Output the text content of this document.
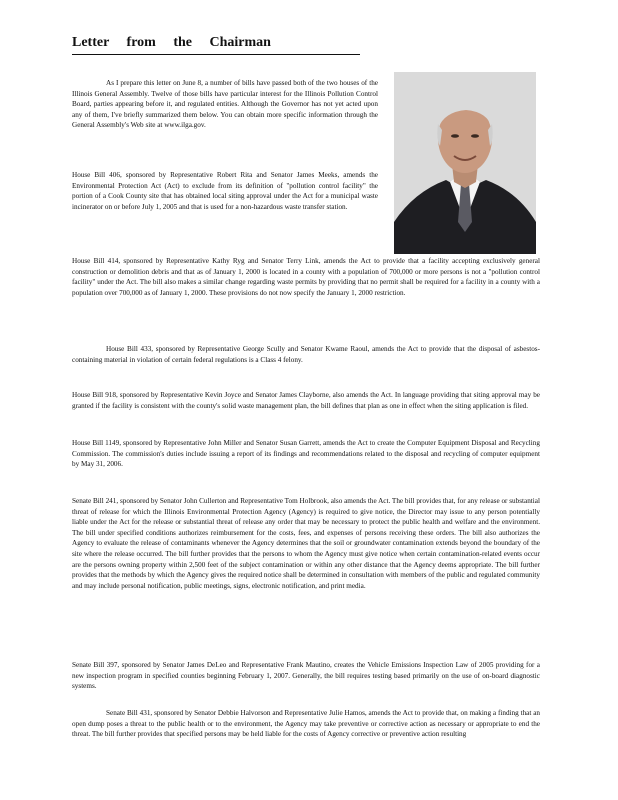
Letter from the Chairman

As I prepare this letter on June 8, a number of bills have passed both of the two houses of the Illinois General Assembly. Twelve of those bills have particular interest for the Illinois Pollution Control Board, parties appearing before it, and regulated entities. Although the Governor has not yet acted upon any of them, I've briefly summarized them below. You can obtain more specific information through the General Assembly's Web site at www.ilga.gov.

House Bill 406, sponsored by Representative Robert Rita and Senator James Meeks, amends the Environmental Protection Act (Act) to exclude from its definition of "pollution control facility" the portion of a Cook County site that has obtained local siting approval under the Act for a municipal waste incinerator on or before July 1, 2005 and that is used for a non-hazardous waste transfer station.

House Bill 414, sponsored by Representative Kathy Ryg and Senator Terry Link, amends the Act to provide that a facility accepting exclusively general construction or demolition debris and that as of January 1, 2000 is located in a county with a population of 700,000 or more persons is not a "pollution control facility" under the Act. The bill also makes a similar change regarding waste permits by providing that no permit shall be required for a facility in a county with a population over 700,000 as of January 1, 2000. These provisions do not now specify the January 1, 2000 restriction.

House Bill 433, sponsored by Representative George Scully and Senator Kwame Raoul, amends the Act to provide that the disposal of asbestos-containing material in violation of certain federal regulations is a Class 4 felony.

House Bill 918, sponsored by Representative Kevin Joyce and Senator James Clayborne, also amends the Act. In language providing that siting approval may be granted if the facility is consistent with the county's solid waste management plan, the bill defines that plan as one in effect when the siting application is filed.

House Bill 1149, sponsored by Representative John Miller and Senator Susan Garrett, amends the Act to create the Computer Equipment Disposal and Recycling Commission. The commission's duties include issuing a report of its findings and recommendations related to the disposal and recycling of computer equipment by May 31, 2006.

Senate Bill 241, sponsored by Senator John Cullerton and Representative Tom Holbrook, also amends the Act. The bill provides that, for any release or substantial threat of release for which the Illinois Environmental Protection Agency (Agency) is required to give notice, the Director may issue to any person potentially liable under the Act for the release or substantial threat of release any order that may be necessary to protect the public health and welfare and the environment. The bill under specified conditions authorizes reimbursement for the costs, fees, and expenses of persons receiving these orders. The bill also authorizes the Agency to evaluate the release of contaminants whenever the Agency determines that the soil or groundwater contamination extends beyond the boundary of the site where the release occurred. The bill further provides that the persons to whom the Agency must give notice when certain contamination-related events occur are the persons owning property within 2,500 feet of the subject contamination or within any other distance that the Agency deems appropriate. The bill further provides that the methods by which the Agency gives the required notice shall be determined in consultation with members of the public and regulated community and may include personal notification, public meetings, signs, electronic notification, and print media.

Senate Bill 397, sponsored by Senator James DeLeo and Representative Frank Mautino, creates the Vehicle Emissions Inspection Law of 2005 providing for a new inspection program in specified counties beginning February 1, 2007. Generally, the bill requires testing based primarily on the use of on-board diagnostic systems.

Senate Bill 431, sponsored by Senator Debbie Halvorson and Representative Julie Hamos, amends the Act to provide that, on making a finding that an open dump poses a threat to the public health or to the environment, the Agency may take preventive or corrective action as necessary or appropriate to end the threat. The bill further provides that specified persons may be held liable for the costs of Agency corrective or preventive action resulting
